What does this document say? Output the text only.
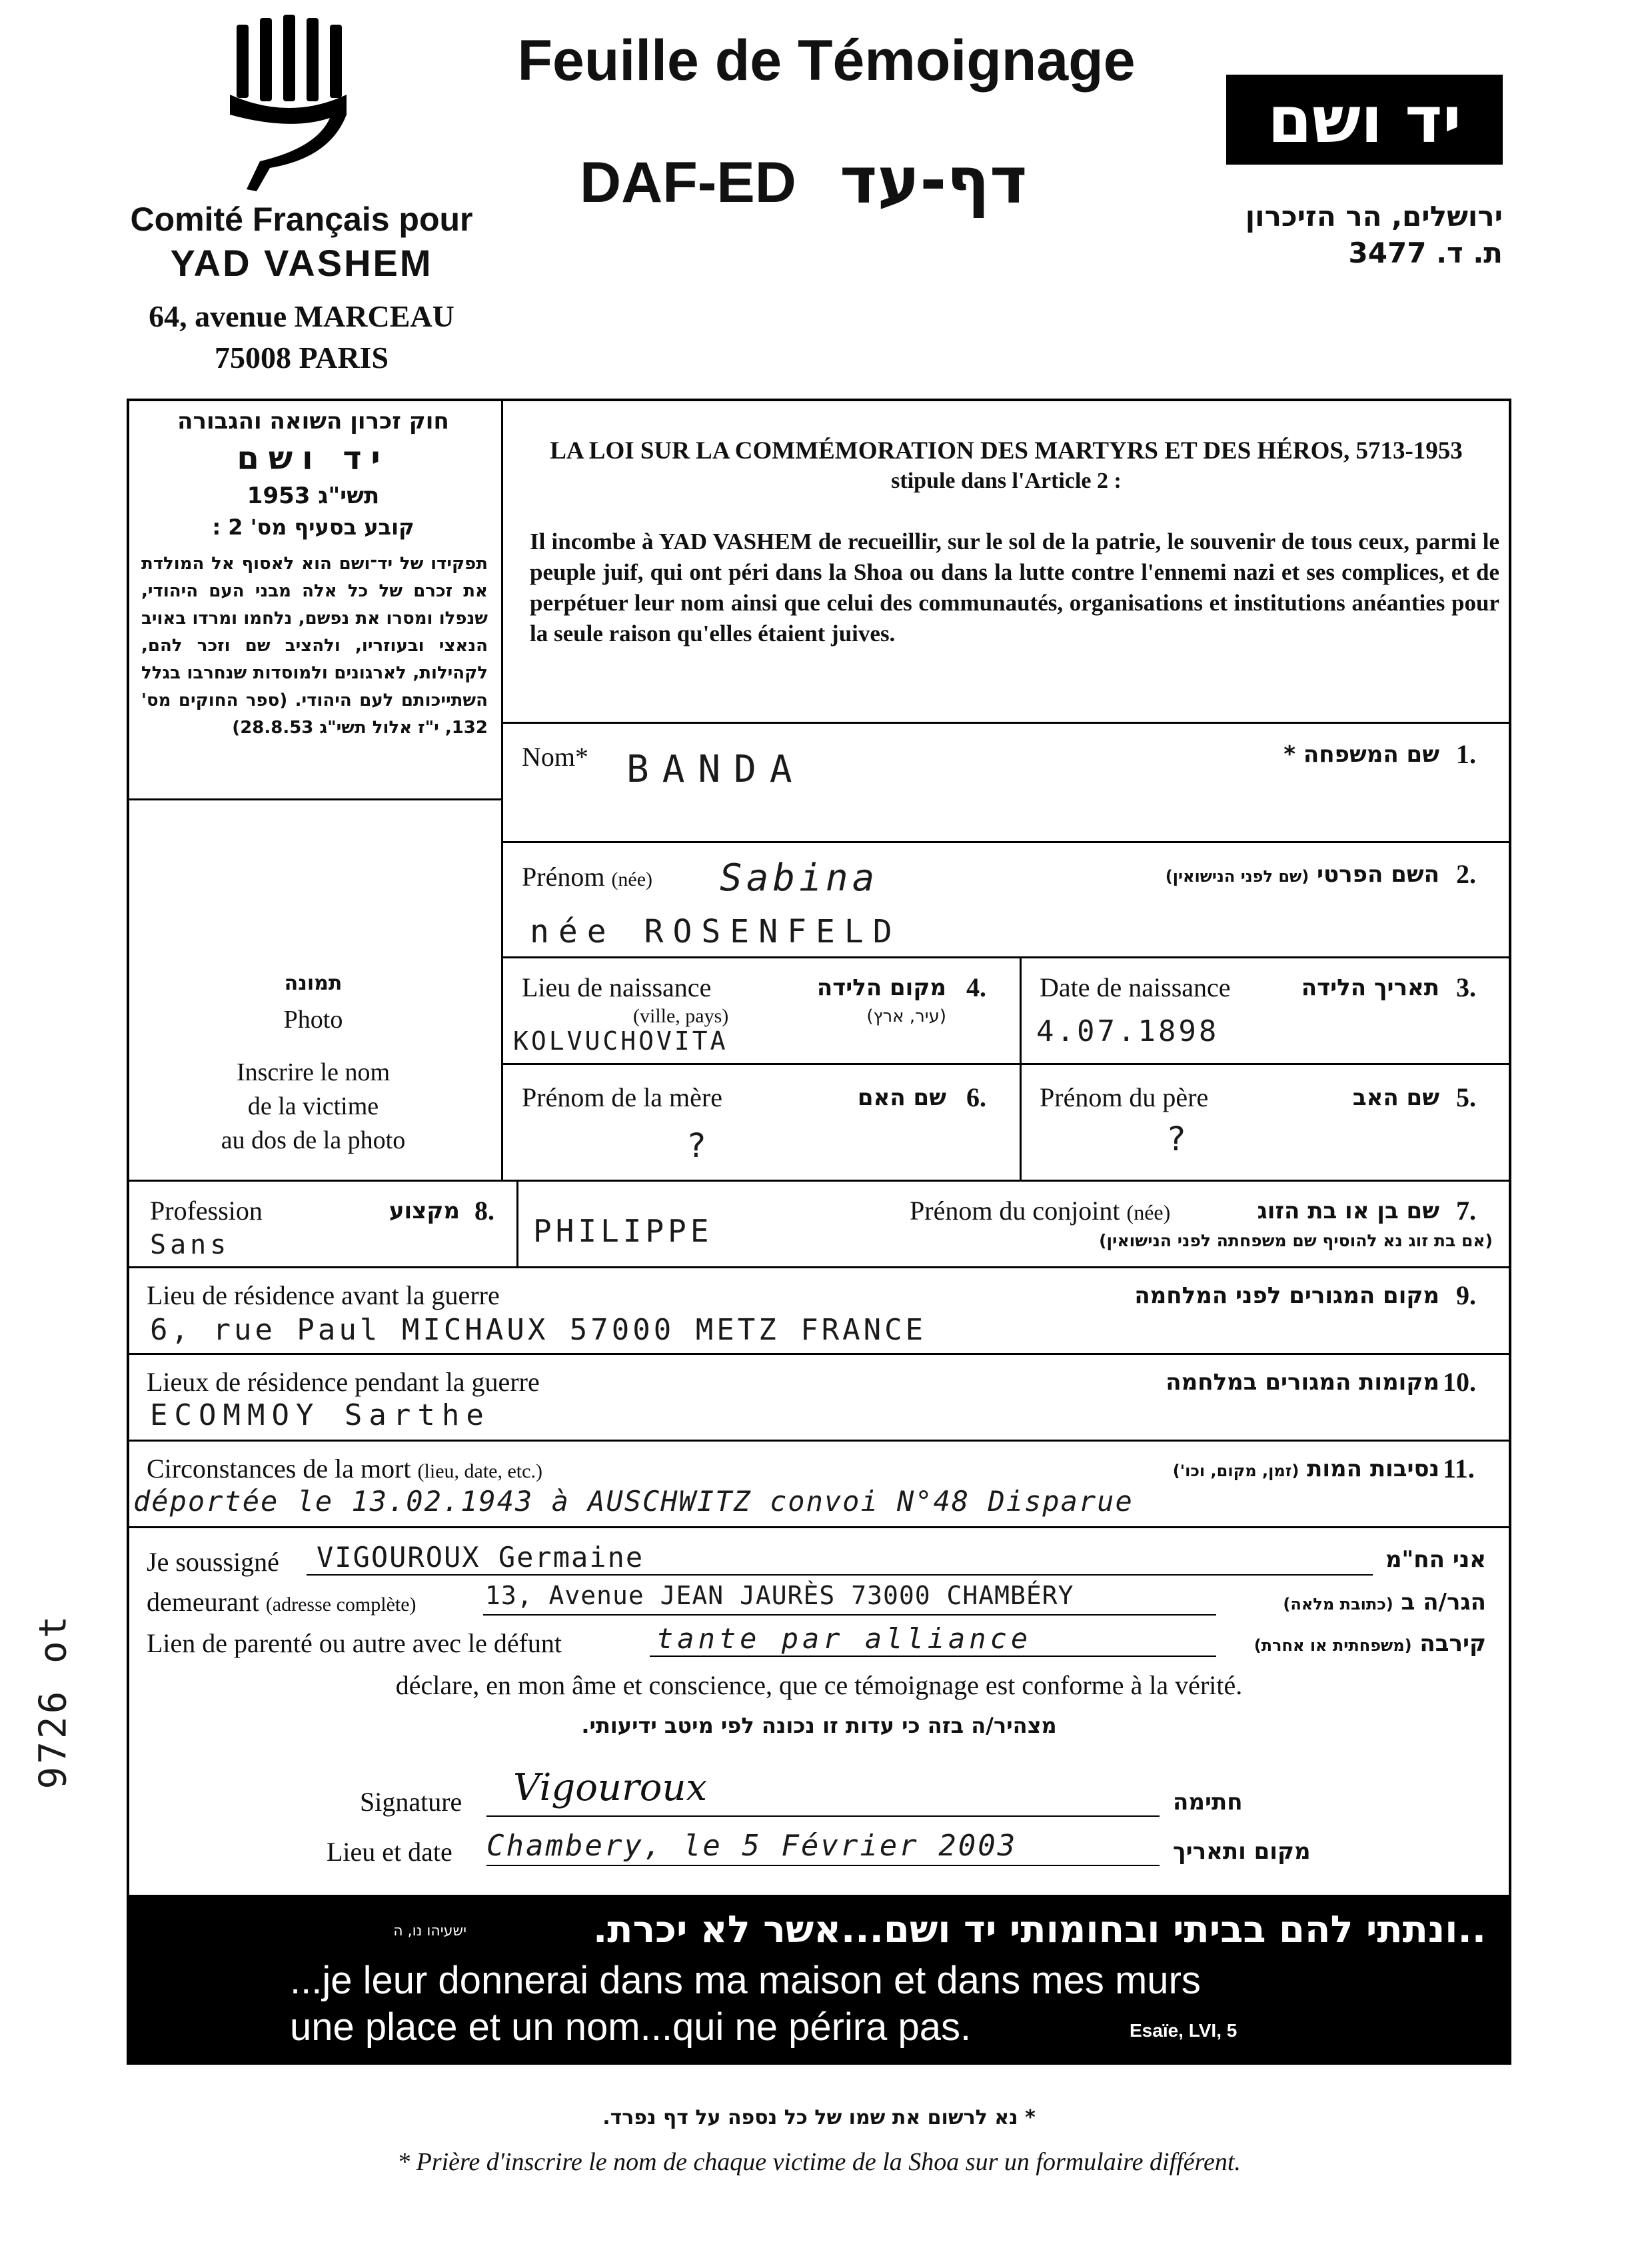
Comité Français pour
YAD VASHEM
64, avenue MARCEAU
75008 PARIS
Feuille de Témoignage
DAF-ED דף-עד
יד ושם
ירושלים, הר הזיכרון
ת. ד. 3477
חוק זכרון השואה והגבורה
יד ושם
תשי"ג 1953
קובע בסעיף מס' 2 :
תפקידו של יד־ושם הוא לאסוף אל המולדת את זכרם של כל אלה מבני העם היהודי, שנפלו ומסרו את נפשם, נלחמו ומרדו באויב הנאצי ובעוזריו, ולהציב שם וזכר להם, לקהילות, לארגונים ולמוסדות שנחרבו בגלל השתייכותם לעם היהודי. (ספר החוקים מס' 132, י"ז אלול תשי"ג 28.8.53)
תמונה
Photo
Inscrire le nom
de la victime
au dos de la photo
LA LOI SUR LA COMMÉMORATION DES MARTYRS ET DES HÉROS, 5713-1953
stipule dans l'Article 2 :
Il incombe à YAD VASHEM de recueillir, sur le sol de la patrie, le souvenir de tous ceux, parmi le peuple juif, qui ont péri dans la Shoa ou dans la lutte contre l'ennemi nazi et ses complices, et de perpétuer leur nom ainsi que celui des communautés, organisations et institutions anéanties pour la seule raison qu'elles étaient juives.
Nom*	שם המשפחה * 1.
BANDA
Prénom (née)	השם הפרטי (שם לפני הנישואין)	2.
Sabina
née ROSENFELD
Lieu de naissance
(ville, pays)
מקום הלידה
(עיר, ארץ)
4.
KOLVUCHOVITA
Date de naissance	תאריך הלידה 3.
4.07.1898
Prénom de la mère	שם האם 6.
?
Prénom du père	שם האב 5.
?
Profession	מקצוע 8.
Sans
Prénom du conjoint (née)	שם בן או בת הזוג
(אם בת זוג נא להוסיף שם משפחתה לפני הנישואין)
7.
PHILIPPE
Lieu de résidence avant la guerre	מקום המגורים לפני המלחמה 9.
6, rue Paul MICHAUX 57000 METZ FRANCE
Lieux de résidence pendant la guerre	מקומות המגורים במלחמה 10.
ECOMMOY Sarthe
Circonstances de la mort (lieu, date, etc.)	נסיבות המות (זמן, מקום, וכו')	11.
déportée le 13.02.1943 à AUSCHWITZ convoi N°48 Disparue
Je soussigné VIGOUROUX Germaine	אני הח"מ
demeurant (adresse complète)	13, Avenue JEAN JAURÈS 73000 CHAMBÉRY	הגר/ה ב (כתובת מלאה)
Lien de parenté ou autre avec le défunt	tante par alliance	קירבה (משפחתית או אחרת)
déclare, en mon âme et conscience, que ce témoignage est conforme à la vérité.
מצהיר/ה בזה כי עדות זו נכונה לפי מיטב ידיעותי.
Signature Vigouroux	חתימה
Lieu et date Chambery, le 5 Février 2003	מקום ותאריך
..ונתתי להם בביתי ובחומותי יד ושם...אשר לא יכרת.
ישעיהו נו, ה
...je leur donnerai dans ma maison et dans mes murs
une place et un nom...qui ne périra pas.	Esaïe, LVI, 5
* נא לרשום את שמו של כל נספה על דף נפרד.
* Prière d'inscrire le nom de chaque victime de la Shoa sur un formulaire différent.
9726 ot
